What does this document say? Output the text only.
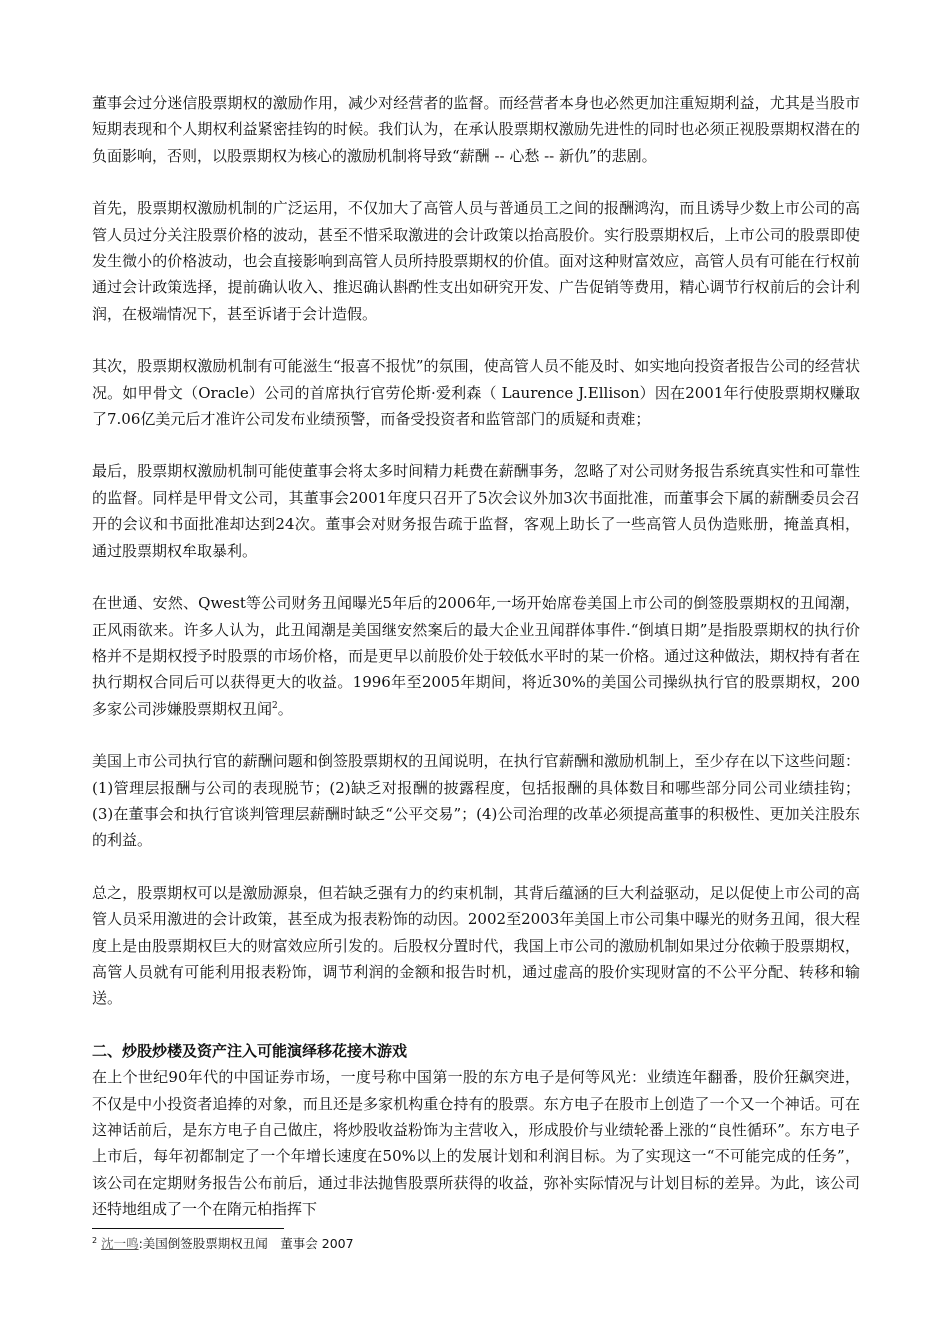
董事会过分迷信股票期权的激励作用，减少对经营者的监督。而经营者本身也必然更加注重短期利益，尤其是当股市短期表现和个人期权利益紧密挂钩的时候。我们认为，在承认股票期权激励先进性的同时也必须正视股票期权潜在的负面影响，否则，以股票期权为核心的激励机制将导致“薪酬 -- 心愁 -- 新仇”的悲剧。

首先，股票期权激励机制的广泛运用，不仅加大了高管人员与普通员工之间的报酬鸿沟，而且诱导少数上市公司的高管人员过分关注股票价格的波动，甚至不惜采取激进的会计政策以抬高股价。实行股票期权后，上市公司的股票即使发生微小的价格波动，也会直接影响到高管人员所持股票期权的价值。面对这种财富效应，高管人员有可能在行权前通过会计政策选择，提前确认收入、推迟确认斟酌性支出如研究开发、广告促销等费用，精心调节行权前后的会计利润，在极端情况下，甚至诉诸于会计造假。

其次，股票期权激励机制有可能滋生“报喜不报忧”的氛围，使高管人员不能及时、如实地向投资者报告公司的经营状况。如甲骨文（Oracle）公司的首席执行官劳伦斯·爱利森（ Laurence J.Ellison）因在2001年行使股票期权赚取了7.06亿美元后才准许公司发布业绩预警，而备受投资者和监管部门的质疑和责难；

最后，股票期权激励机制可能使董事会将太多时间精力耗费在薪酬事务，忽略了对公司财务报告系统真实性和可靠性的监督。同样是甲骨文公司，其董事会2001年度只召开了5次会议外加3次书面批准，而董事会下属的薪酬委员会召开的会议和书面批准却达到24次。董事会对财务报告疏于监督，客观上助长了一些高管人员伪造账册，掩盖真相，通过股票期权牟取暴利。

在世通、安然、Qwest等公司财务丑闻曝光5年后的2006年,一场开始席卷美国上市公司的倒签股票期权的丑闻潮，正风雨欲来。许多人认为，此丑闻潮是美国继安然案后的最大企业丑闻群体事件.“倒填日期”是指股票期权的执行价格并不是期权授予时股票的市场价格，而是更早以前股价处于较低水平时的某一价格。通过这种做法，期权持有者在执行期权合同后可以获得更大的收益。1996年至2005年期间，将近30%的美国公司操纵执行官的股票期权，200多家公司涉嫌股票期权丑闻$^2$。

美国上市公司执行官的薪酬问题和倒签股票期权的丑闻说明，在执行官薪酬和激励机制上，至少存在以下这些问题：(1)管理层报酬与公司的表现脱节；(2)缺乏对报酬的披露程度，包括报酬的具体数目和哪些部分同公司业绩挂钩；(3)在董事会和执行官谈判管理层薪酬时缺乏“公平交易”；(4)公司治理的改革必须提高董事的积极性、更加关注股东的利益。

总之，股票期权可以是激励源泉，但若缺乏强有力的约束机制，其背后蕴涵的巨大利益驱动，足以促使上市公司的高管人员采用激进的会计政策，甚至成为报表粉饰的动因。2002至2003年美国上市公司集中曝光的财务丑闻，很大程度上是由股票期权巨大的财富效应所引发的。后股权分置时代，我国上市公司的激励机制如果过分依赖于股票期权，高管人员就有可能利用报表粉饰，调节利润的金额和报告时机，通过虚高的股价实现财富的不公平分配、转移和输送。

二、炒股炒楼及资产注入可能演绎移花接木游戏

在上个世纪90年代的中国证券市场，一度号称中国第一股的东方电子是何等风光：业绩连年翻番，股价狂飙突进，不仅是中小投资者追捧的对象，而且还是多家机构重仓持有的股票。东方电子在股市上创造了一个又一个神话。可在这神话前后，是东方电子自己做庄，将炒股收益粉饰为主营收入，形成股价与业绩轮番上涨的“良性循环”。东方电子上市后，每年初都制定了一个年增长速度在50%以上的发展计划和利润目标。为了实现这一“不可能完成的任务”，该公司在定期财务报告公布前后，通过非法抛售股票所获得的收益，弥补实际情况与计划目标的差异。为此，该公司还特地组成了一个在隋元柏指挥下

$^2$ 沈一鸣:美国倒签股票期权丑闻　董事会 2007
